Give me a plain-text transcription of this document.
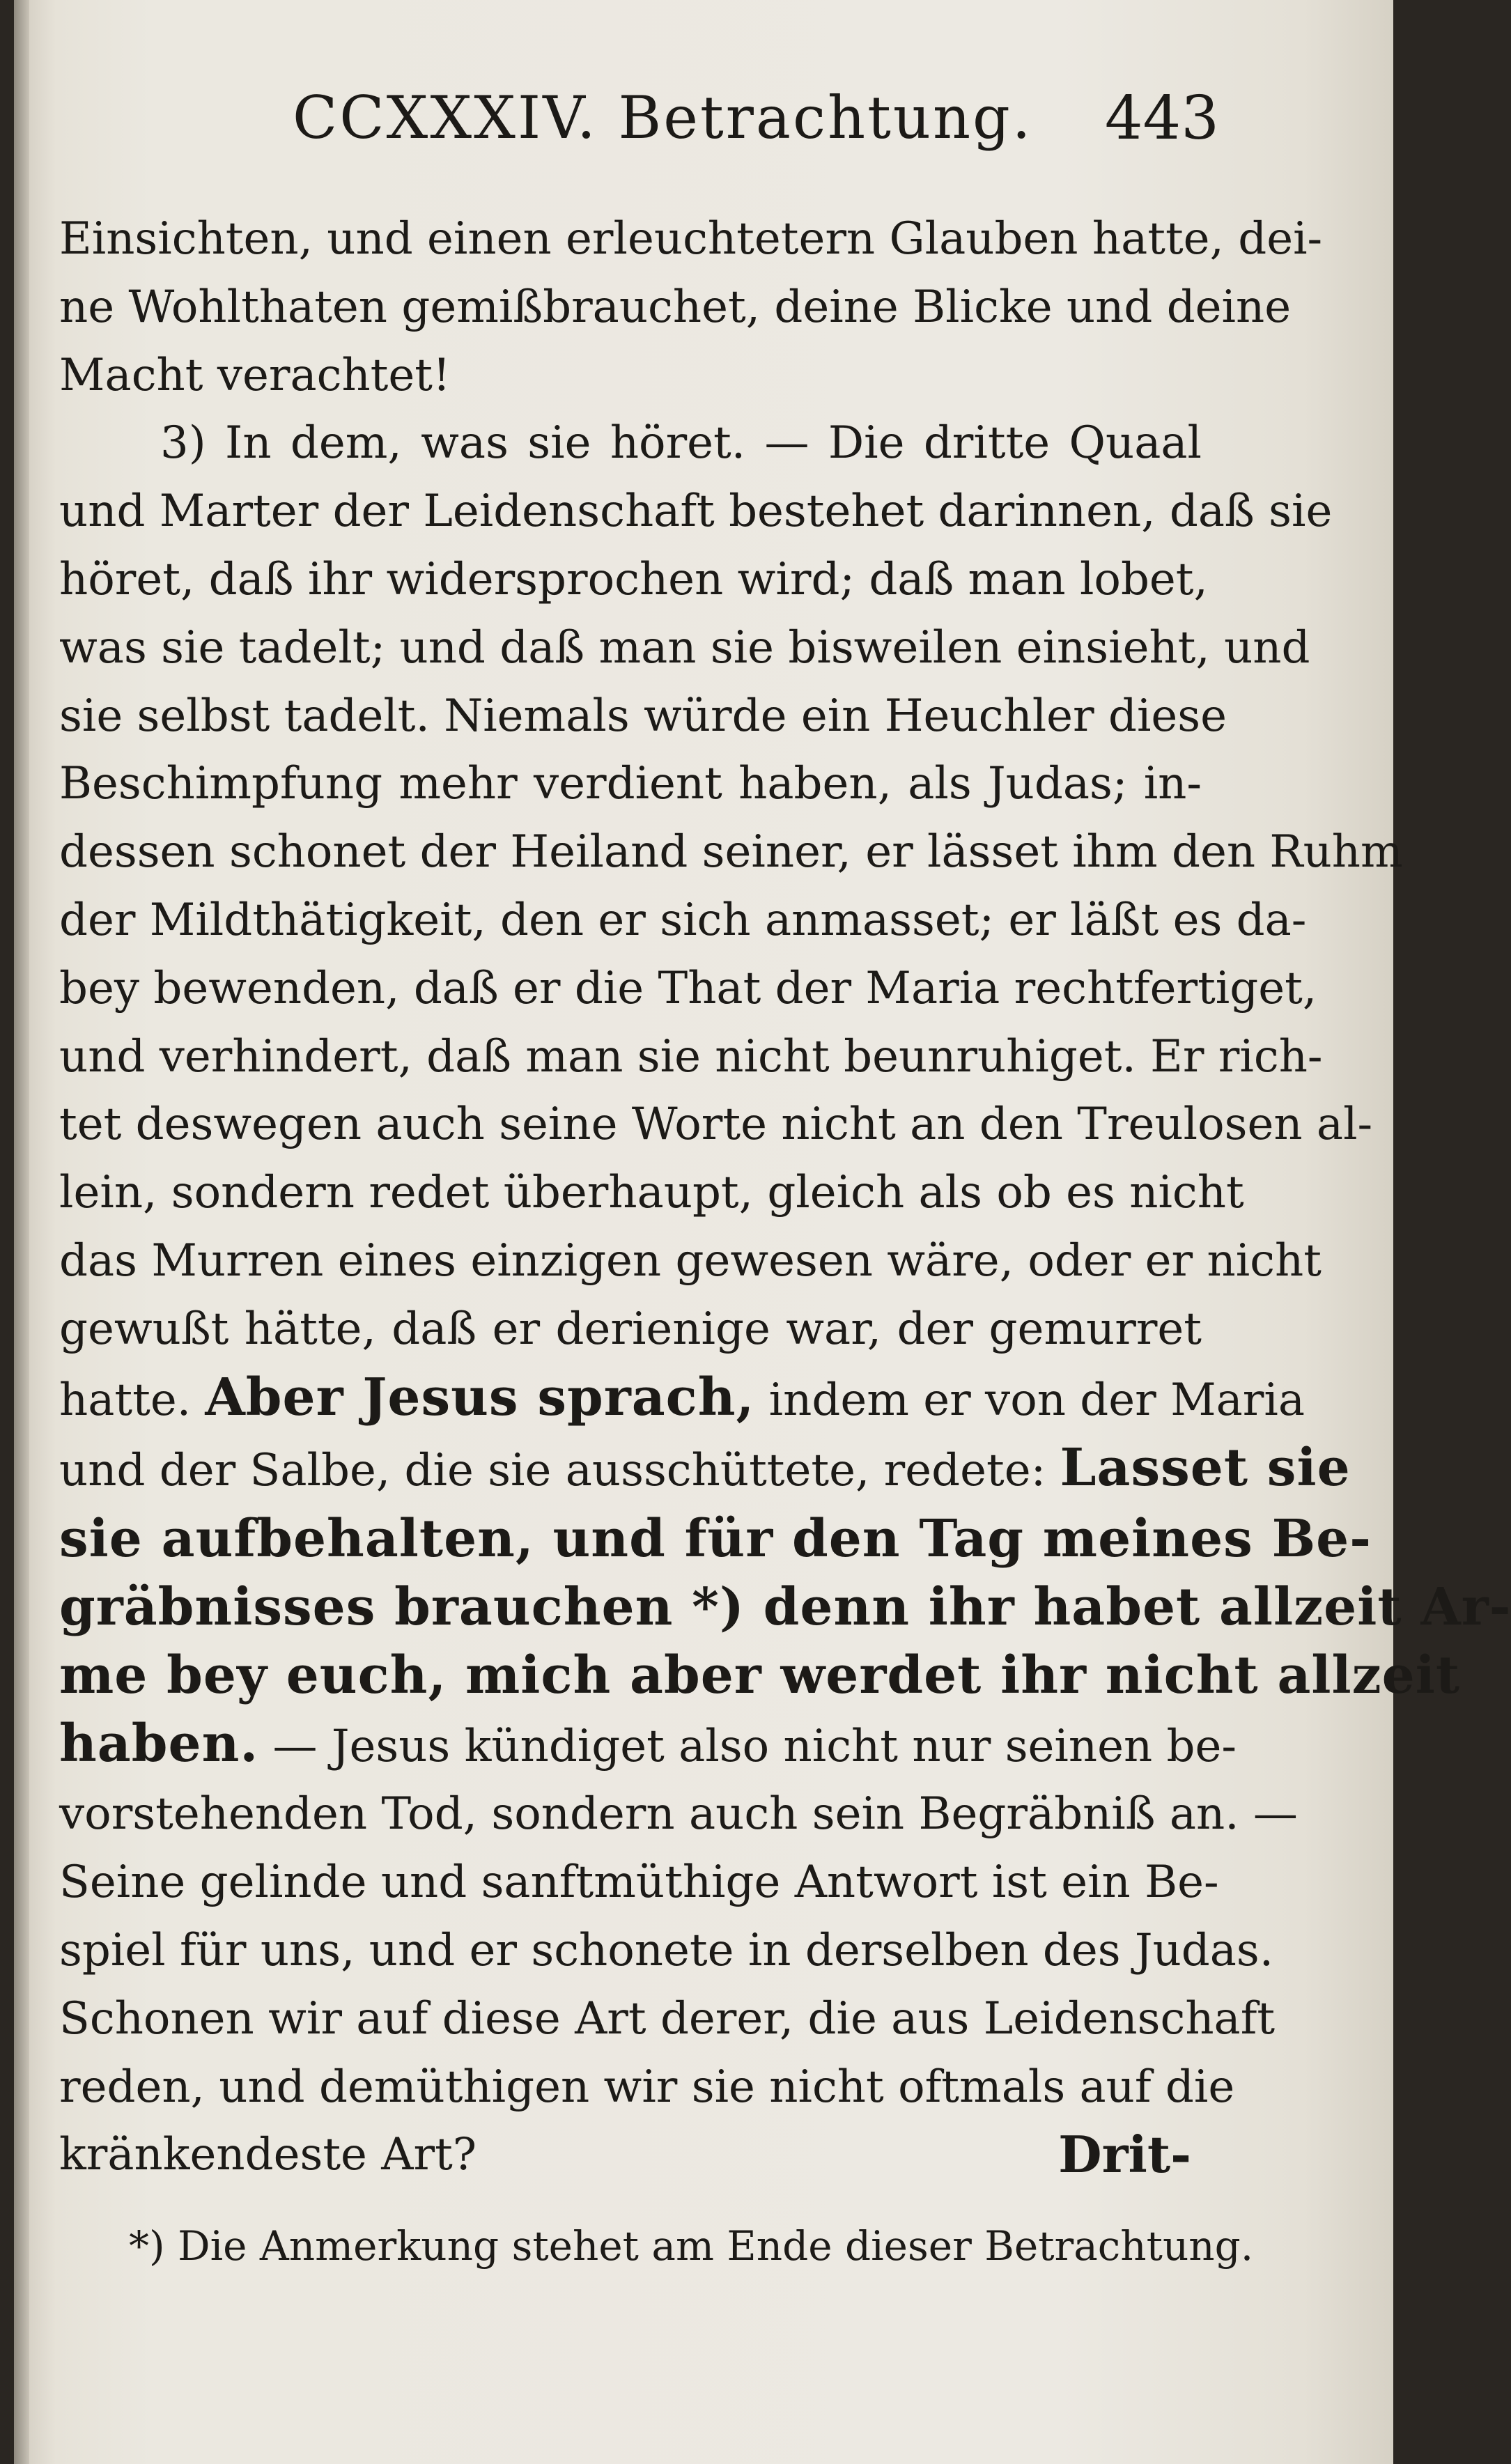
CCXXXIV. Betrachtung. 443
Einsichten, und einen erleuchtetern Glauben hatte, dei-
ne Wohlthaten gemißbrauchet, deine Blicke und deine
Macht verachtet!
3) In dem, was sie höret. — Die dritte Quaal
und Marter der Leidenschaft bestehet darinnen, daß sie
höret, daß ihr widersprochen wird; daß man lobet,
was sie tadelt; und daß man sie bisweilen einsieht, und
sie selbst tadelt. Niemals würde ein Heuchler diese
Beschimpfung mehr verdient haben, als Judas; in-
dessen schonet der Heiland seiner, er lässet ihm den Ruhm
der Mildthätigkeit, den er sich anmasset; er läßt es da-
bey bewenden, daß er die That der Maria rechtfertiget,
und verhindert, daß man sie nicht beunruhiget. Er rich-
tet deswegen auch seine Worte nicht an den Treulosen al-
lein, sondern redet überhaupt, gleich als ob es nicht
das Murren eines einzigen gewesen wäre, oder er nicht
gewußt hätte, daß er derienige war, der gemurret
hatte. Aber Jesus sprach, indem er von der Maria
und der Salbe, die sie ausschüttete, redete: Lasset sie
sie aufbehalten, und für den Tag meines Be-
gräbnisses brauchen *) denn ihr habet allzeit Ar-
me bey euch, mich aber werdet ihr nicht allzeit
haben. — Jesus kündiget also nicht nur seinen be-
vorstehenden Tod, sondern auch sein Begräbniß an. —
Seine gelinde und sanftmüthige Antwort ist ein Be-
spiel für uns, und er schonete in derselben des Judas.
Schonen wir auf diese Art derer, die aus Leidenschaft
reden, und demüthigen wir sie nicht oftmals auf die
kränkendeste Art?	Drit-
*) Die Anmerkung stehet am Ende dieser Betrachtung.
